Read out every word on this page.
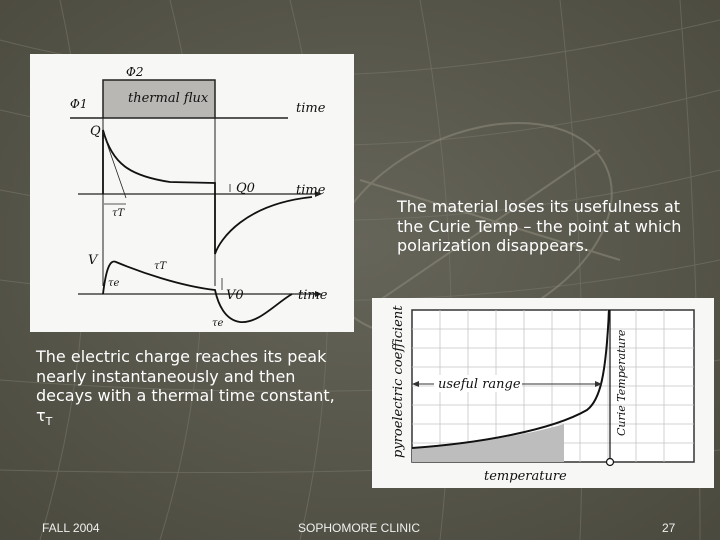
Φ2
Φ1	thermal flux
time
Q
τT
Q0	time
V	τT
τe
V0	time
τe
useful range	Curie Temperature
pyroelectric coefficient
temperature
The material loses its usefulness at the Curie Temp – the point at which polarization disappears.
The electric charge reaches its peak nearly instantaneously and then decays with a thermal time constant, $\tau_T$
FALL 2004	SOPHOMORE CLINIC	27
